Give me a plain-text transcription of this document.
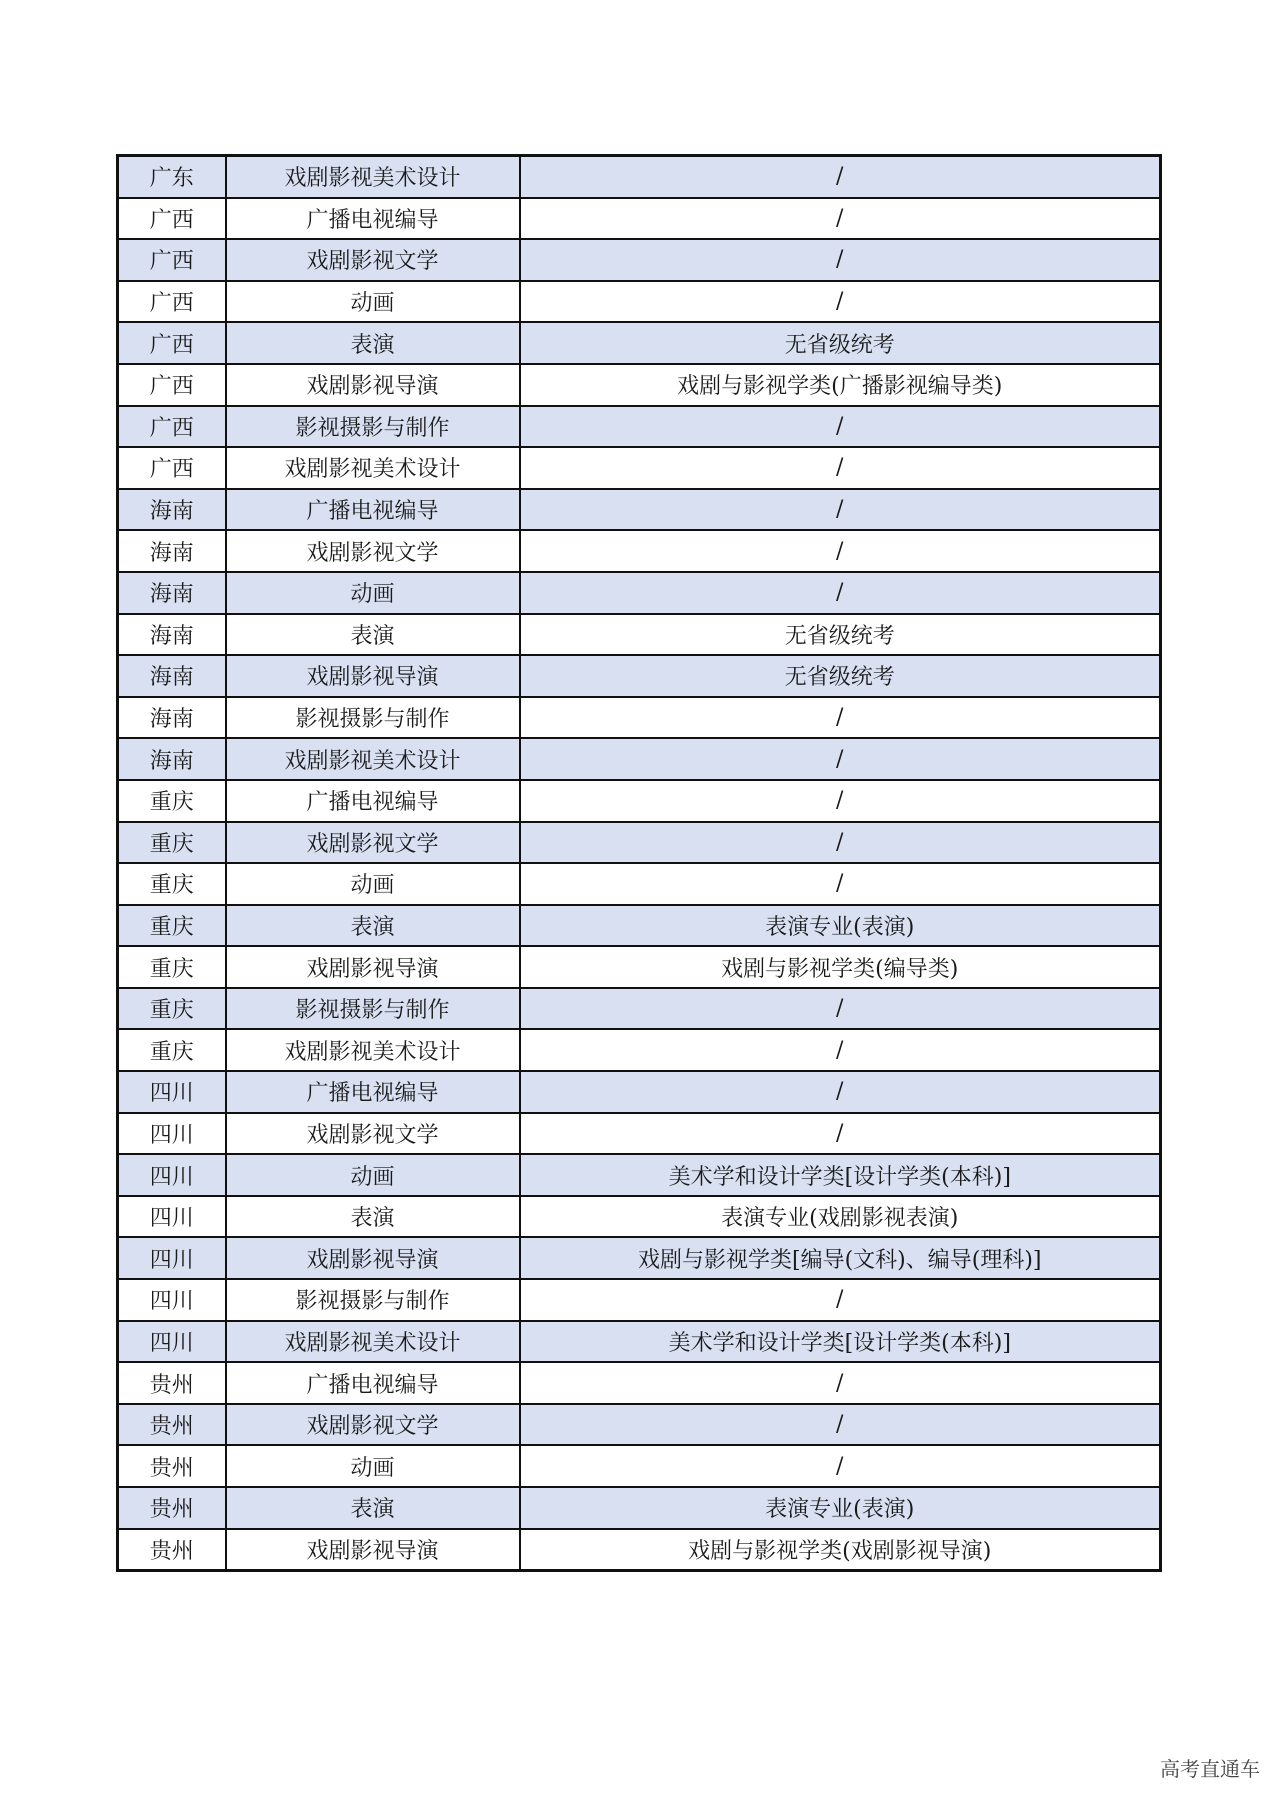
广东	戏剧影视美术设计	/
广西	广播电视编导	/
广西	戏剧影视文学	/
广西	动画	/
广西	表演	无省级统考
广西	戏剧影视导演	戏剧与影视学类(广播影视编导类)
广西	影视摄影与制作	/
广西	戏剧影视美术设计	/
海南	广播电视编导	/
海南	戏剧影视文学	/
海南	动画	/
海南	表演	无省级统考
海南	戏剧影视导演	无省级统考
海南	影视摄影与制作	/
海南	戏剧影视美术设计	/
重庆	广播电视编导	/
重庆	戏剧影视文学	/
重庆	动画	/
重庆	表演	表演专业(表演)
重庆	戏剧影视导演	戏剧与影视学类(编导类)
重庆	影视摄影与制作	/
重庆	戏剧影视美术设计	/
四川	广播电视编导	/
四川	戏剧影视文学	/
四川	动画	美术学和设计学类[设计学类(本科)]
四川	表演	表演专业(戏剧影视表演)
四川	戏剧影视导演	戏剧与影视学类[编导(文科)、编导(理科)]
四川	影视摄影与制作	/
四川	戏剧影视美术设计	美术学和设计学类[设计学类(本科)]
贵州	广播电视编导	/
贵州	戏剧影视文学	/
贵州	动画	/
贵州	表演	表演专业(表演)
贵州	戏剧影视导演	戏剧与影视学类(戏剧影视导演)
高考直通车
